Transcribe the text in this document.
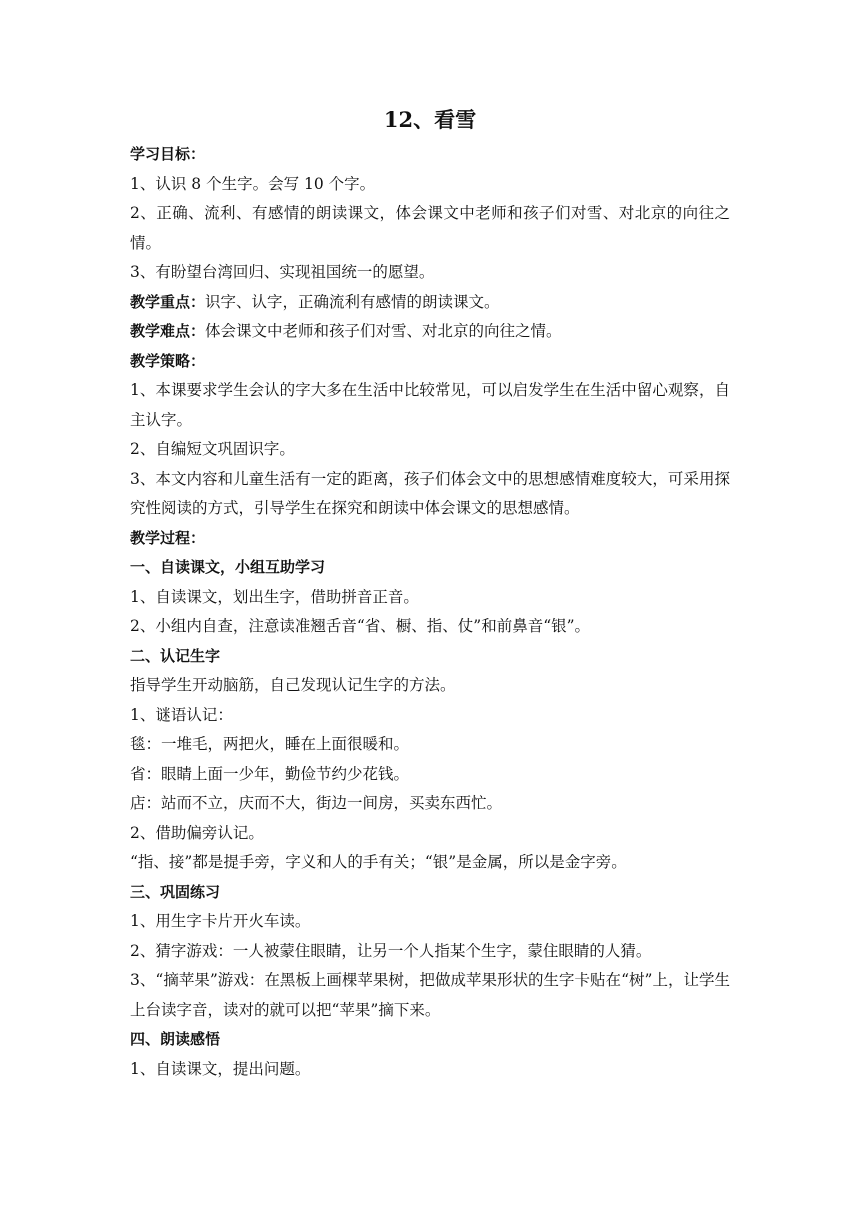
12、看雪
学习目标：
1、认识 8 个生字。会写 10 个字。
2、正确、流利、有感情的朗读课文，体会课文中老师和孩子们对雪、对北京的向往之情。
3、有盼望台湾回归、实现祖国统一的愿望。
教学重点：识字、认字，正确流利有感情的朗读课文。
教学难点：体会课文中老师和孩子们对雪、对北京的向往之情。
教学策略：
1、本课要求学生会认的字大多在生活中比较常见，可以启发学生在生活中留心观察，自主认字。
2、自编短文巩固识字。
3、本文内容和儿童生活有一定的距离，孩子们体会文中的思想感情难度较大，可采用探究性阅读的方式，引导学生在探究和朗读中体会课文的思想感情。
教学过程：
一、自读课文，小组互助学习
1、自读课文，划出生字，借助拼音正音。
2、小组内自查，注意读准翘舌音“省、橱、指、仗”和前鼻音“银”。
二、认记生字
指导学生开动脑筋，自己发现认记生字的方法。
1、谜语认记：
毯：一堆毛，两把火，睡在上面很暖和。
省：眼睛上面一少年，勤俭节约少花钱。
店：站而不立，庆而不大，街边一间房，买卖东西忙。
2、借助偏旁认记。
“指、接”都是提手旁，字义和人的手有关；“银”是金属，所以是金字旁。
三、巩固练习
1、用生字卡片开火车读。
2、猜字游戏：一人被蒙住眼睛，让另一个人指某个生字，蒙住眼睛的人猜。
3、“摘苹果”游戏：在黑板上画棵苹果树，把做成苹果形状的生字卡贴在“树”上，让学生上台读字音，读对的就可以把“苹果”摘下来。
四、朗读感悟
1、自读课文，提出问题。
